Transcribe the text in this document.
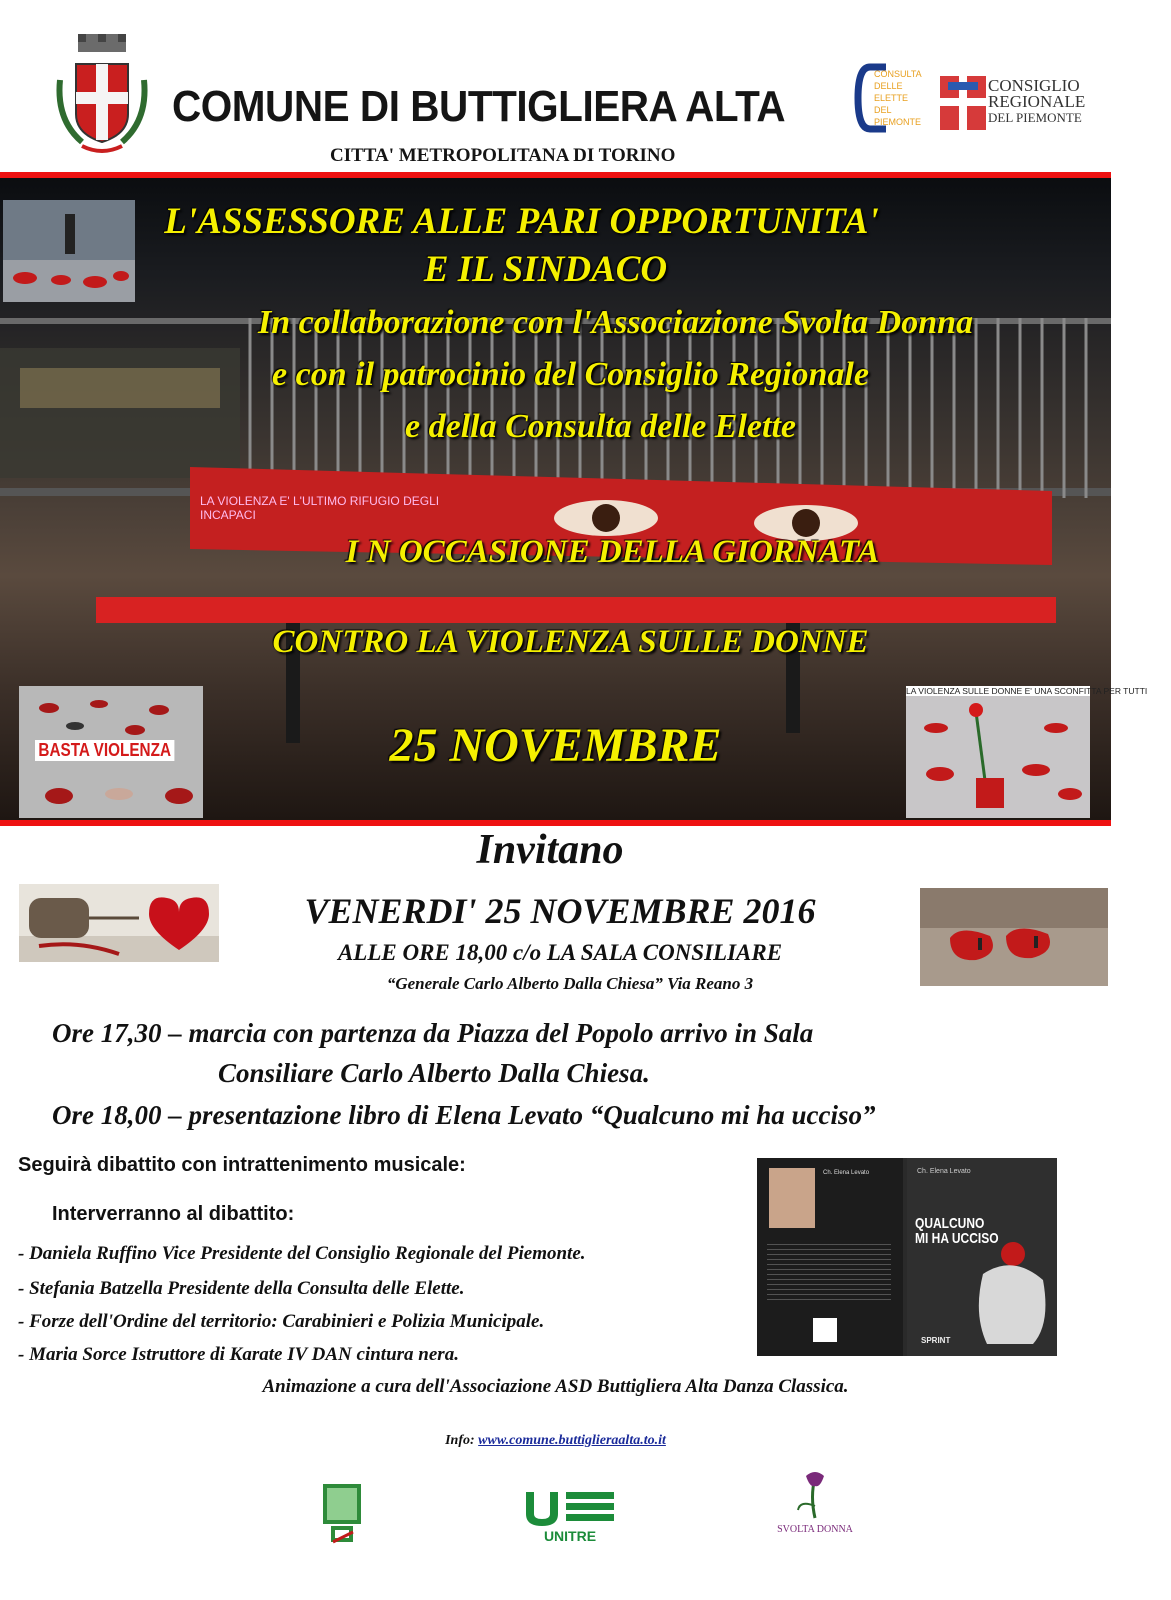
COMUNE DI BUTTIGLIERA ALTA
CITTA' METROPOLITANA DI TORINO
CONSULTA
DELLE
ELETTE
DEL
PIEMONTE
CONSIGLIO
REGIONALE
DEL PIEMONTE
LA VIOLENZA E' L'ULTIMO RIFUGIO DEGLI INCAPACI
BASTA VIOLENZA
LA VIOLENZA SULLE DONNE E' UNA SCONFITTA PER TUTTI
L'ASSESSORE ALLE PARI OPPORTUNITA'
E IL SINDACO
In collaborazione con l'Associazione Svolta Donna
e con il patrocinio del Consiglio Regionale
e della Consulta delle Elette
I N OCCASIONE DELLA GIORNATA
CONTRO LA VIOLENZA SULLE DONNE
25 NOVEMBRE
Invitano
VENERDI' 25 NOVEMBRE 2016
ALLE ORE 18,00 c/o LA SALA CONSILIARE
“Generale Carlo Alberto Dalla Chiesa” Via Reano 3
Ore 17,30 – marcia con partenza da Piazza del Popolo arrivo in Sala
Consiliare Carlo Alberto Dalla Chiesa.
Ore 18,00 – presentazione libro di Elena Levato “Qualcuno mi ha ucciso”
Seguirà dibattito con intrattenimento musicale:
Interverranno al dibattito:
- Daniela Ruffino Vice Presidente del Consiglio Regionale del Piemonte.
- Stefania Batzella Presidente della Consulta delle Elette.
- Forze dell'Ordine del territorio: Carabinieri e Polizia Municipale.
- Maria Sorce Istruttore di Karate IV DAN cintura nera.
Ch. Elena Levato	Ch. Elena Levato
QUALCUNO
MI HA UCCISO
SPRINT
Animazione a cura dell'Associazione ASD Buttigliera Alta Danza Classica.
Info: www.comune.buttiglieraalta.to.it
UNITRE	SVOLTA DONNA
